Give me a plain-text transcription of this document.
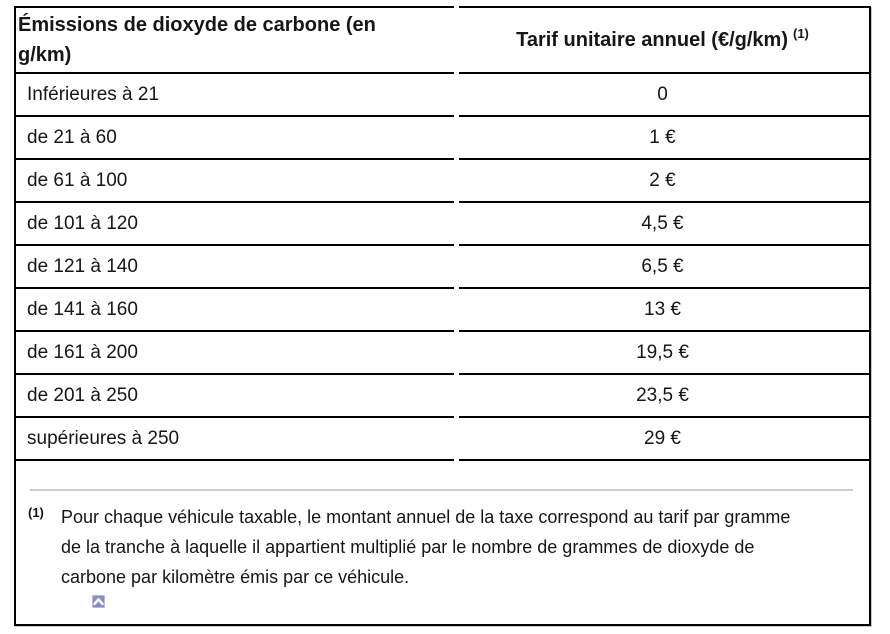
Émissions de dioxyde de carbone (en g/km)	Tarif unitaire annuel (€/g/km) $^{(1)}$
Inférieures à 21	0
de 21 à 60	1 €
de 61 à 100	2 €
de 101 à 120	4,5 €
de 121 à 140	6,5 €
de 141 à 160	13 €
de 161 à 200	19,5 €
de 201 à 250	23,5 €
supérieures à 250	29 €

(1) Pour chaque véhicule taxable, le montant annuel de la taxe correspond au tarif par gramme de la tranche à laquelle il appartient multiplié par le nombre de grammes de dioxyde de carbone par kilomètre émis par ce véhicule.	
